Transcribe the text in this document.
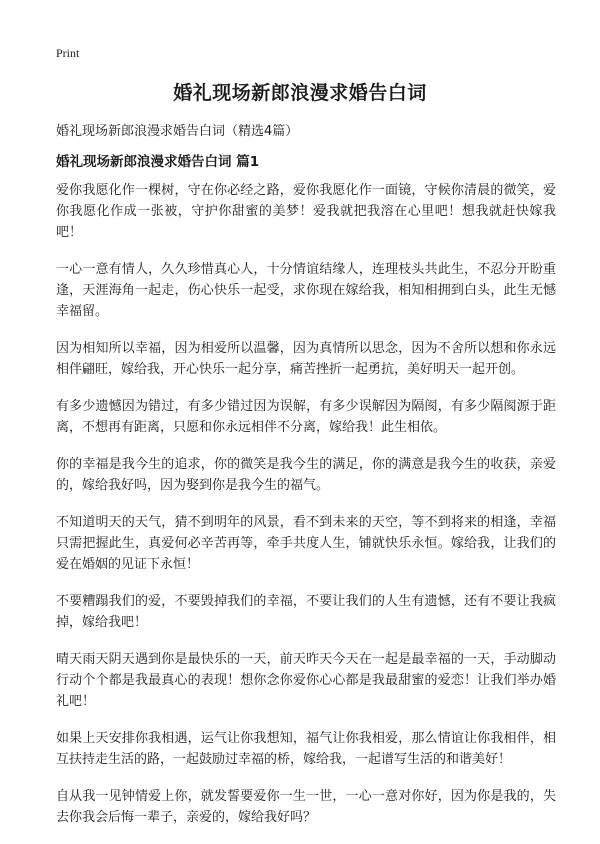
Print
婚礼现场新郎浪漫求婚告白词

婚礼现场新郎浪漫求婚告白词（精选4篇）

婚礼现场新郎浪漫求婚告白词 篇1

爱你我愿化作一棵树，守在你必经之路，爱你我愿化作一面镜，守候你清晨的微笑，爱你我愿化作成一张被，守护你甜蜜的美梦！爱我就把我溶在心里吧！想我就赶快嫁我吧！

一心一意有情人，久久珍惜真心人，十分情谊结缘人，连理枝头共此生，不忍分开盼重逢，天涯海角一起走，伤心快乐一起受，求你现在嫁给我，相知相拥到白头，此生无憾幸福留。

因为相知所以幸福，因为相爱所以温馨，因为真情所以思念，因为不舍所以想和你永远相伴翩旺，嫁给我，开心快乐一起分享，痛苦挫折一起勇抗，美好明天一起开创。

有多少遗憾因为错过，有多少错过因为误解，有多少误解因为隔阂，有多少隔阂源于距离，不想再有距离，只愿和你永远相伴不分离，嫁给我！此生相依。

你的幸福是我今生的追求，你的微笑是我今生的满足，你的满意是我今生的收获，亲爱的，嫁给我好吗，因为娶到你是我今生的福气。

不知道明天的天气，猜不到明年的风景，看不到未来的天空，等不到将来的相逢，幸福只需把握此生，真爱何必辛苦再等，牵手共度人生，铺就快乐永恒。嫁给我，让我们的爱在婚姻的见证下永恒！

不要糟蹋我们的爱，不要毁掉我们的幸福，不要让我们的人生有遗憾，还有不要让我疯掉，嫁给我吧！

晴天雨天阴天遇到你是最快乐的一天，前天昨天今天在一起是最幸福的一天，手动脚动行动个个都是我最真心的表现！想你念你爱你心心都是我最甜蜜的爱恋！让我们举办婚礼吧！

如果上天安排你我相遇，运气让你我想知，福气让你我相爱，那么情谊让你我相伴，相互扶持走生活的路，一起鼓励过幸福的桥，嫁给我，一起谱写生活的和谐美好！

自从我一见钟情爱上你，就发誓要爱你一生一世，一心一意对你好，因为你是我的，失去你我会后悔一辈子，亲爱的，嫁给我好吗？
